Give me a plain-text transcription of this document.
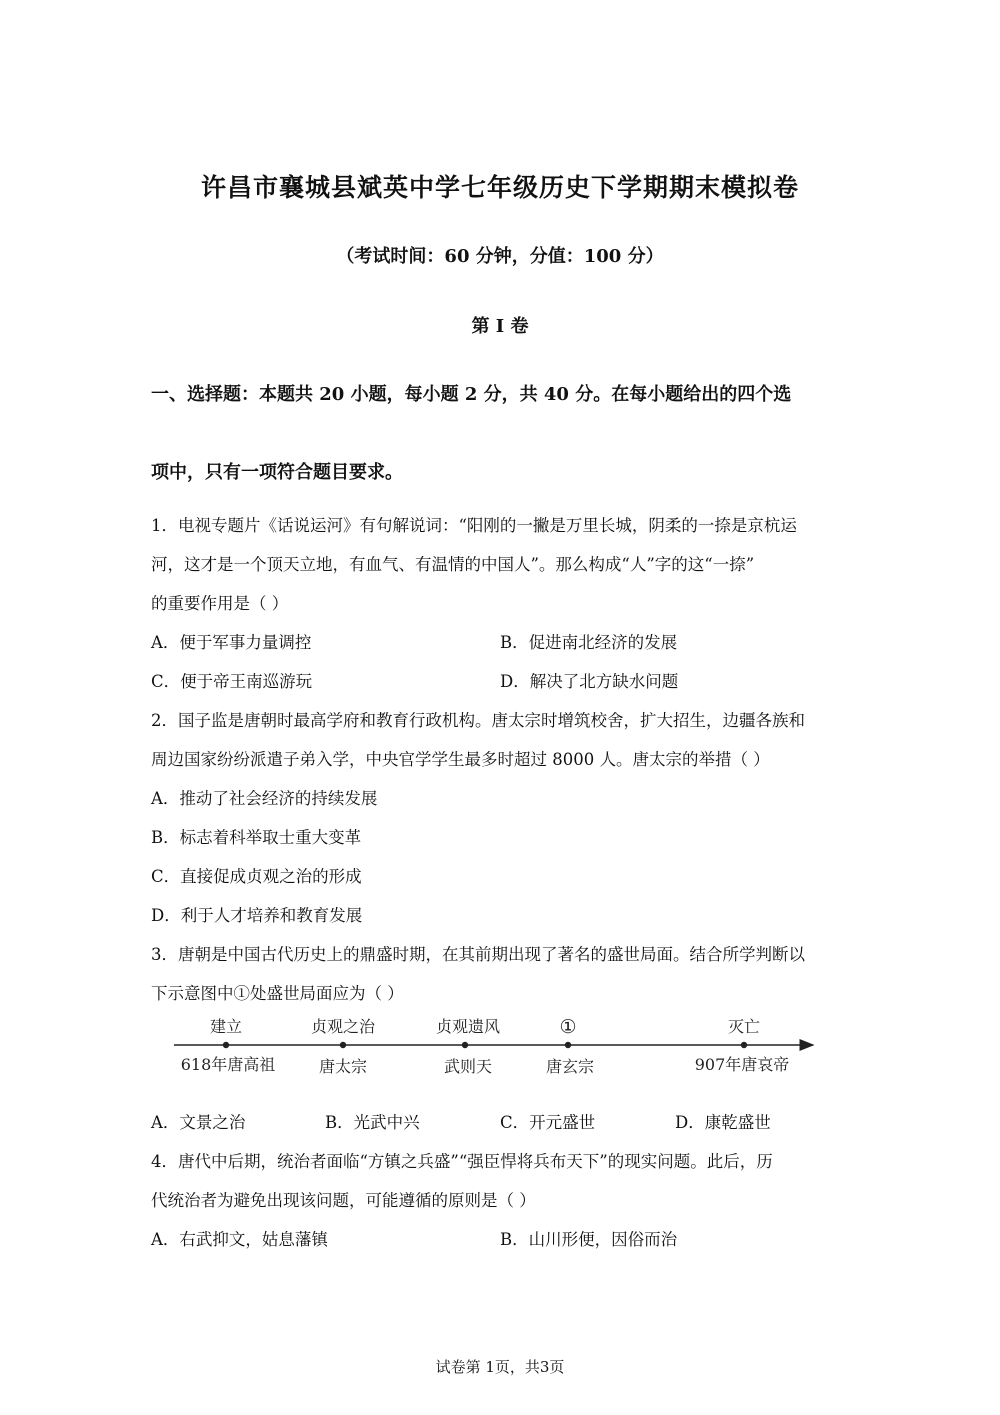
许昌市襄城县斌英中学七年级历史下学期期末模拟卷
（考试时间：60 分钟，分值：100 分）
第 I 卷
一、选择题：本题共 20 小题，每小题 2 分，共 40 分。在每小题给出的四个选
项中，只有一项符合题目要求。
1．电视专题片《话说运河》有句解说词：“阳刚的一撇是万里长城，阴柔的一捺是京杭运
河，这才是一个顶天立地，有血气、有温情的中国人”。那么构成“人”字的这“一捺”
的重要作用是（ ）
A．便于军事力量调控	B．促进南北经济的发展
C．便于帝王南巡游玩	D．解决了北方缺水问题
2．国子监是唐朝时最高学府和教育行政机构。唐太宗时增筑校舍，扩大招生，边疆各族和
周边国家纷纷派遣子弟入学，中央官学学生最多时超过 8000 人。唐太宗的举措（ ）
A．推动了社会经济的持续发展
B．标志着科举取士重大变革
C．直接促成贞观之治的形成
D．利于人才培养和教育发展
3．唐朝是中国古代历史上的鼎盛时期，在其前期出现了著名的盛世局面。结合所学判断以
下示意图中①处盛世局面应为（ ）
建立	贞观之治	贞观遗风	①	灭亡
618年唐高祖	唐太宗	武则天	唐玄宗	907年唐哀帝
A．文景之治	B．光武中兴	C．开元盛世	D．康乾盛世
4．唐代中后期，统治者面临“方镇之兵盛”“强臣悍将兵布天下”的现实问题。此后，历
代统治者为避免出现该问题，可能遵循的原则是（ ）
A．右武抑文，姑息藩镇	B．山川形便，因俗而治
试卷第 1页，共3页
